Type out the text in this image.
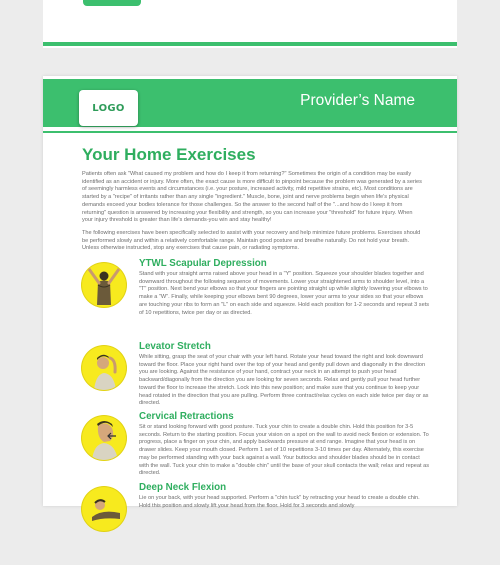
LOGO	Provider’s Name
Your Home Exercises

Patients often ask "What caused my problem and how do I keep it from returning?" Sometimes the origin of a condition may be easily identified as an accident or injury. More often, the exact cause is more difficult to pinpoint because the problem was generated by a series of seemingly harmless events and circumstances (i.e. your posture, increased activity, mild repetitive strains, etc). Most conditions are started by a "recipe" of irritants rather than any single "ingredient." Muscle, bone, joint and nerve problems begin when life's physical demands exceed your bodies tolerance for those challenges. So the answer to the second half of the "...and how do I keep it from returning" question is answered by increasing your flexibility and strength, so you can increase your "threshold" for future injury. When your injury threshold is greater than life's demands-you win and stay healthy!

The following exercises have been specifically selected to assist with your recovery and help minimize future problems. Exercises should be performed slowly and within a relatively comfortable range. Maintain good posture and breathe naturally. Do not hold your breath. Unless otherwise instructed, stop any exercises that cause pain, or radiating symptoms.

YTWL Scapular Depression

Stand with your straight arms raised above your head in a "Y" position. Squeeze your shoulder blades together and downward throughout the following sequence of movements. Lower your straightened arms to shoulder level, into a "T" position. Next bend your elbows so that your fingers are pointing straight up while slightly lowering your elbows to make a "W". Finally, while keeping your elbows bent 90 degrees, lower your arms to your sides so that your elbows are touching your ribs to form an "L" on each side and squeeze. Hold each position for 1-2 seconds and repeat 3 sets of 10 repetitions, twice per day or as directed.

Levator Stretch

While sitting, grasp the seat of your chair with your left hand. Rotate your head toward the right and look downward toward the floor. Place your right hand over the top of your head and gently pull down and diagonally in the direction you are looking. Against the resistance of your hand, contract your neck in an attempt to push your head backward/diagonally from the direction you are looking for seven seconds. Relax and gently pull your head further toward the floor to increase the stretch. Lock into this new position; and make sure that you continue to keep your head rotated in the direction that you are pulling. Perform three contract/relax cycles on each side twice per day or as directed.

Cervical Retractions

Sit or stand looking forward with good posture. Tuck your chin to create a double chin. Hold this position for 3-5 seconds. Return to the starting position. Focus your vision on a spot on the wall to avoid neck flexion or extension. To progress, place a finger on your chin, and apply backwards pressure at end range. Imagine that your head is on drawer slides. Keep your mouth closed. Perform 1 set of 10 repetitions 3-10 times per day. Alternately, this exercise may be performed standing with your back against a wall. Your buttocks and shoulder blades should be in contact with the wall. Tuck your chin to make a "double chin" until the base of your skull contacts the wall; relax and repeat as directed.

Deep Neck Flexion

Lie on your back, with your head supported. Perform a "chin tuck" by retracting your head to create a double chin. Hold this position and slowly lift your head from the floor. Hold for 3 seconds and slowly
